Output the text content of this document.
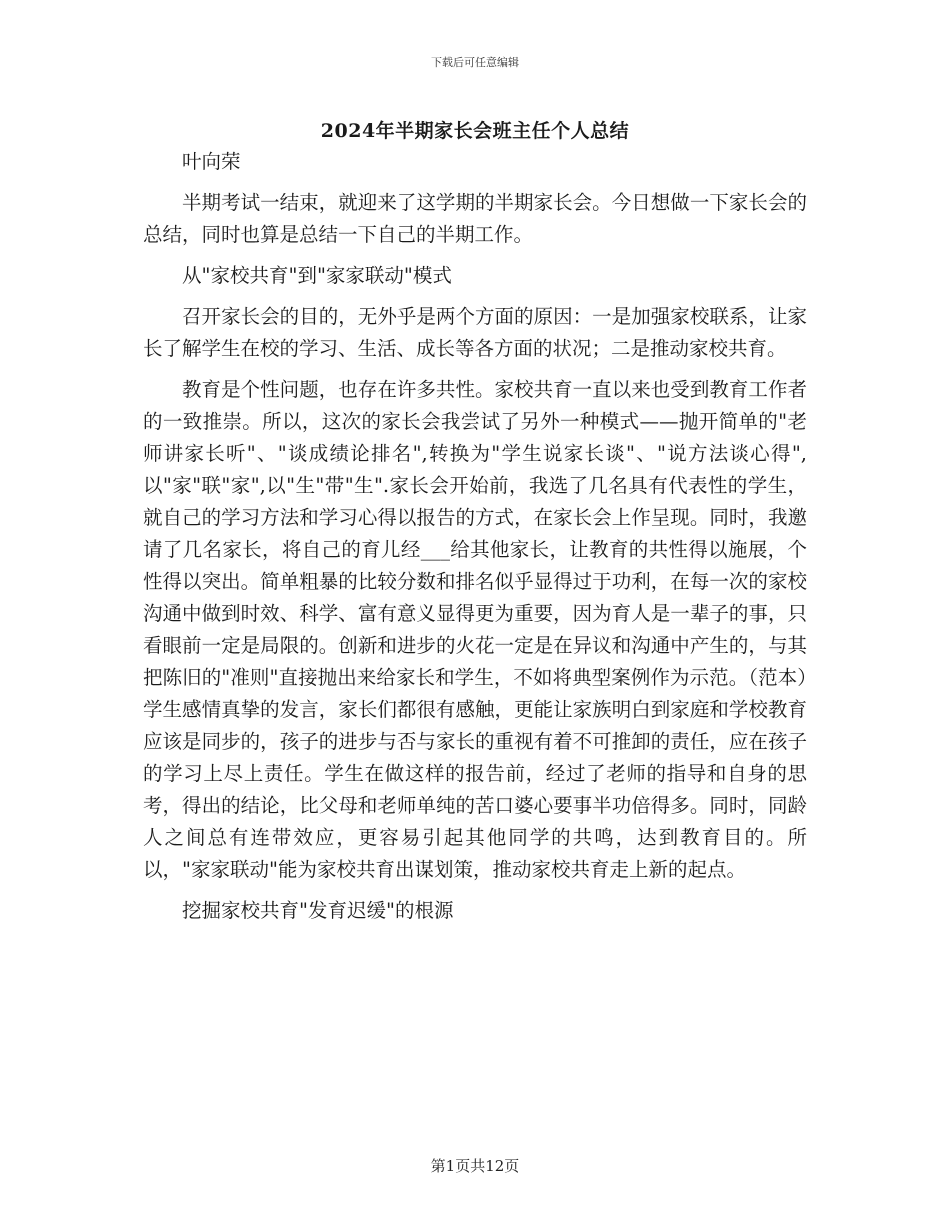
下载后可任意编辑
2024年半期家长会班主任个人总结

叶向荣

半期考试一结束，就迎来了这学期的半期家长会。今日想做一下家长会的总结，同时也算是总结一下自己的半期工作。

从"家校共育"到"家家联动"模式

召开家长会的目的，无外乎是两个方面的原因：一是加强家校联系，让家长了解学生在校的学习、生活、成长等各方面的状况；二是推动家校共育。

教育是个性问题，也存在许多共性。家校共育一直以来也受到教育工作者的一致推崇。所以，这次的家长会我尝试了另外一种模式——抛开简单的"老师讲家长听"、"谈成绩论排名",转换为"学生说家长谈"、"说方法谈心得",以"家"联"家",以"生"带"生".家长会开始前，我选了几名具有代表性的学生，就自己的学习方法和学习心得以报告的方式，在家长会上作呈现。同时，我邀请了几名家长，将自己的育儿经___给其他家长，让教育的共性得以施展，个性得以突出。简单粗暴的比较分数和排名似乎显得过于功利，在每一次的家校沟通中做到时效、科学、富有意义显得更为重要，因为育人是一辈子的事，只看眼前一定是局限的。创新和进步的火花一定是在异议和沟通中产生的，与其把陈旧的"准则"直接抛出来给家长和学生，不如将典型案例作为示范。（范本）学生感情真挚的发言，家长们都很有感触，更能让家族明白到家庭和学校教育应该是同步的，孩子的进步与否与家长的重视有着不可推卸的责任，应在孩子的学习上尽上责任。学生在做这样的报告前，经过了老师的指导和自身的思考，得出的结论，比父母和老师单纯的苦口婆心要事半功倍得多。同时，同龄人之间总有连带效应，更容易引起其他同学的共鸣，达到教育目的。所以，"家家联动"能为家校共育出谋划策，推动家校共育走上新的起点。

挖掘家校共育"发育迟缓"的根源

第1页共12页
